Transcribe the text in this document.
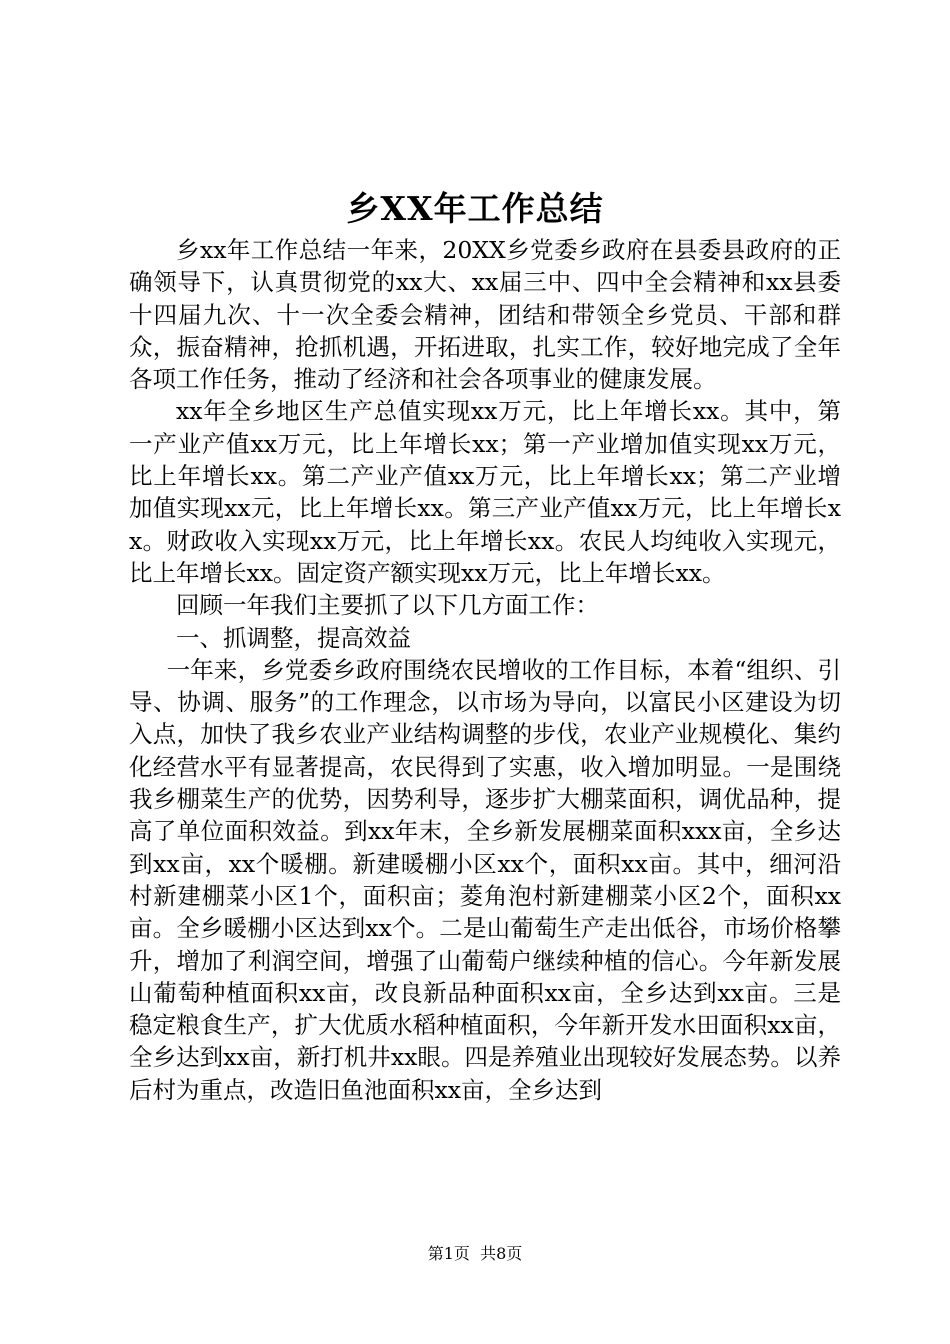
乡XX年工作总结

乡xx年工作总结一年来，20XX乡党委乡政府在县委县政府的正确领导下，认真贯彻党的xx大、xx届三中、四中全会精神和xx县委十四届九次、十一次全委会精神，团结和带领全乡党员、干部和群众，振奋精神，抢抓机遇，开拓进取，扎实工作，较好地完成了全年各项工作任务，推动了经济和社会各项事业的健康发展。

xx年全乡地区生产总值实现xx万元，比上年增长xx。其中，第一产业产值xx万元，比上年增长xx；第一产业增加值实现xx万元，比上年增长xx。第二产业产值xx万元，比上年增长xx；第二产业增加值实现xx元，比上年增长xx。第三产业产值xx万元，比上年增长xx。财政收入实现xx万元，比上年增长xx。农民人均纯收入实现元，比上年增长xx。固定资产额实现xx万元，比上年增长xx。

回顾一年我们主要抓了以下几方面工作：

一、抓调整，提高效益

一年来，乡党委乡政府围绕农民增收的工作目标，本着“组织、引导、协调、服务”的工作理念，以市场为导向，以富民小区建设为切入点，加快了我乡农业产业结构调整的步伐，农业产业规模化、集约化经营水平有显著提高，农民得到了实惠，收入增加明显。一是围绕我乡棚菜生产的优势，因势利导，逐步扩大棚菜面积，调优品种，提高了单位面积效益。到xx年末，全乡新发展棚菜面积xxx亩，全乡达到xx亩，xx个暖棚。新建暖棚小区xx个，面积xx亩。其中，细河沿村新建棚菜小区1个，面积亩；菱角泡村新建棚菜小区2个，面积xx亩。全乡暖棚小区达到xx个。二是山葡萄生产走出低谷，市场价格攀升，增加了利润空间，增强了山葡萄户继续种植的信心。今年新发展山葡萄种植面积xx亩，改良新品种面积xx亩，全乡达到xx亩。三是稳定粮食生产，扩大优质水稻种植面积，今年新开发水田面积xx亩，全乡达到xx亩，新打机井xx眼。四是养殖业出现较好发展态势。以养后村为重点，改造旧鱼池面积xx亩，全乡达到

第1页 共8页
